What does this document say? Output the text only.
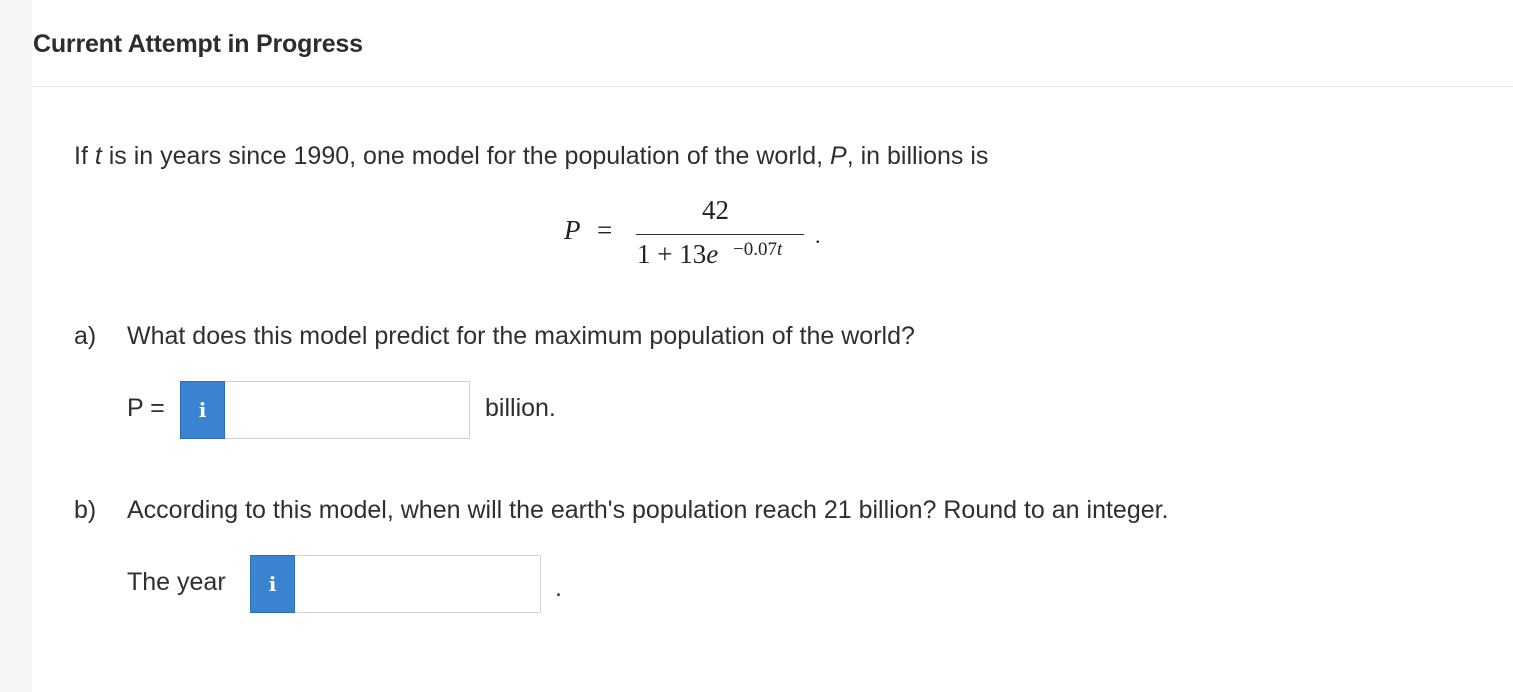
Current Attempt in Progress
If t is in years since 1990, one model for the population of the world, P, in billions is
P =
42
1 + 13e −0.07t
.
a) What does this model predict for the maximum population of the world?
P = i	billion.
b) According to this model, when will the earth's population reach 21 billion? Round to an integer.
The year i	.
